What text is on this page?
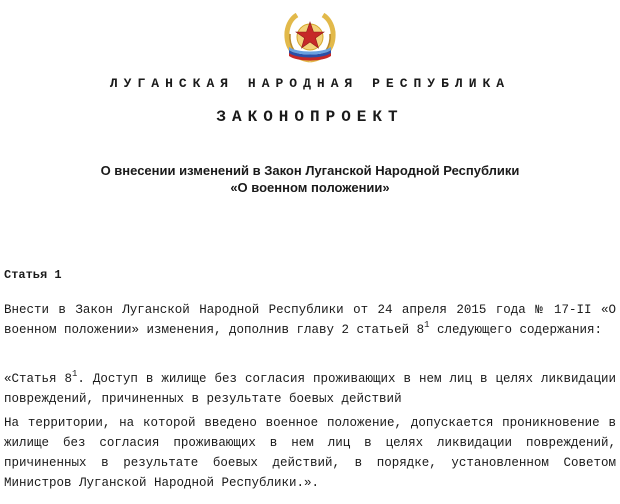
ЛУГАНСКАЯ НАРОДНАЯ РЕСПУБЛИКА
ЗАКОНОПРОЕКТ
О внесении изменений в Закон Луганской Народной Республики
«О военном положении»
Статья 1
Внести в Закон Луганской Народной Республики от 24 апреля 2015 года № 17-II «О военном положении» изменения, дополнив главу 2 статьей $8^1$ следующего содержания:
«Статья $8^1$. Доступ в жилище без согласия проживающих в нем лиц в целях ликвидации повреждений, причиненных в результате боевых действий
На территории, на которой введено военное положение, допускается проникновение в жилище без согласия проживающих в нем лиц в целях ликвидации повреждений, причиненных в результате боевых действий, в порядке, установленном Советом Министров Луганской Народной Республики.».
